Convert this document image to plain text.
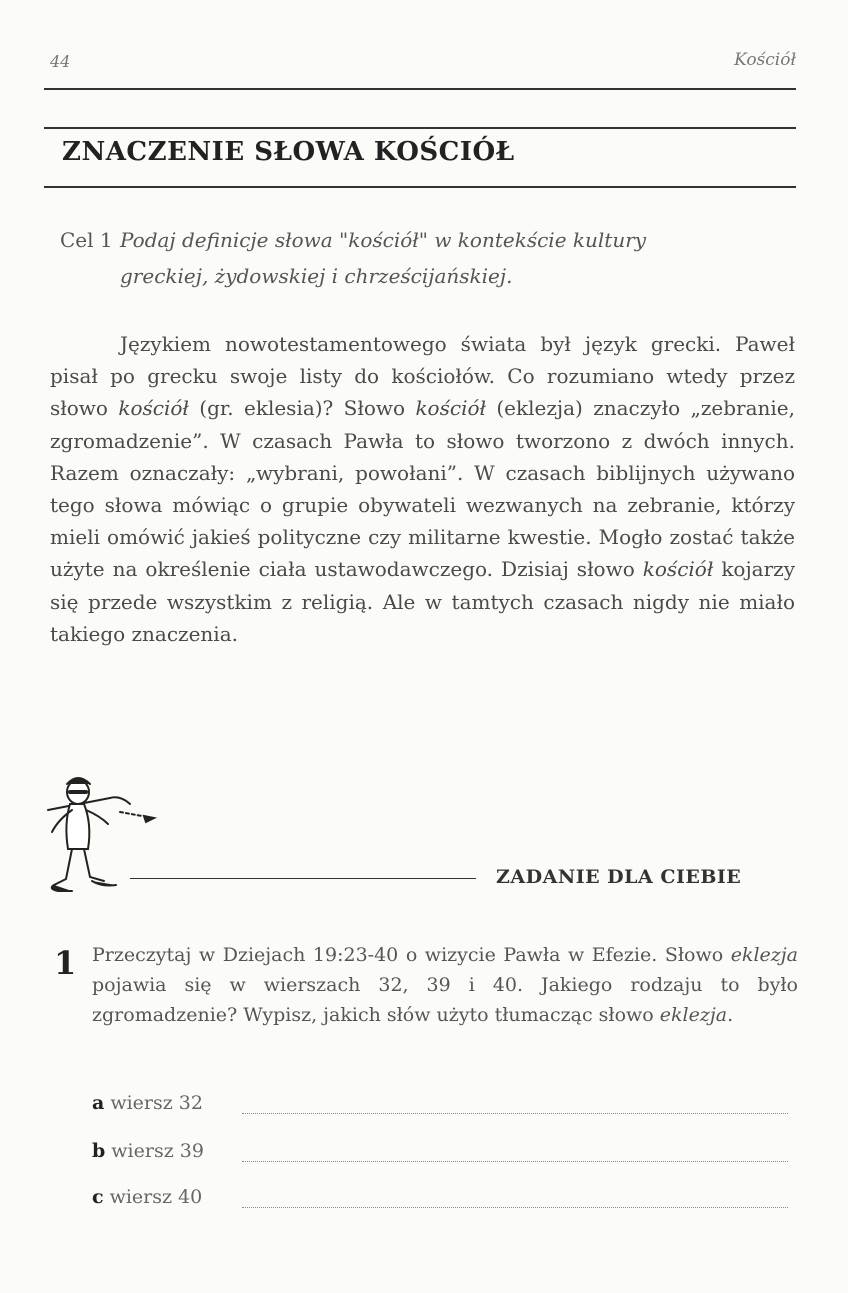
44	Kościół
ZNACZENIE SŁOWA KOŚCIÓŁ
Cel 1 Podaj definicje słowa "kościół" w kontekście kultury
greckiej, żydowskiej i chrześcijańskiej.

Językiem nowotestamentowego świata był język grecki. Paweł pisał po grecku swoje listy do kościołów. Co rozumiano wtedy przez słowo kościół (gr. eklesia)? Słowo kościół (eklezja) znaczyło „zebranie, zgromadzenie”. W czasach Pawła to słowo tworzono z dwóch innych. Razem oznaczały: „wybrani, powołani”. W czasach biblijnych używano tego słowa mówiąc o grupie obywateli wezwanych na zebranie, którzy mieli omówić jakieś polityczne czy militarne kwestie. Mogło zostać także użyte na określenie ciała ustawodawczego. Dzisiaj słowo kościół kojarzy się przede wszystkim z religią. Ale w tamtych czasach nigdy nie miało takiego znaczenia.

ZADANIE DLA CIEBIE
1 Przeczytaj w Dziejach 19:23-40 o wizycie Pawła w Efezie. Słowo eklezja pojawia się w wierszach 32, 39 i 40. Jakiego rodzaju to było zgromadzenie? Wypisz, jakich słów użyto tłumacząc słowo eklezja.
a wiersz 32
b wiersz 39
c wiersz 40
